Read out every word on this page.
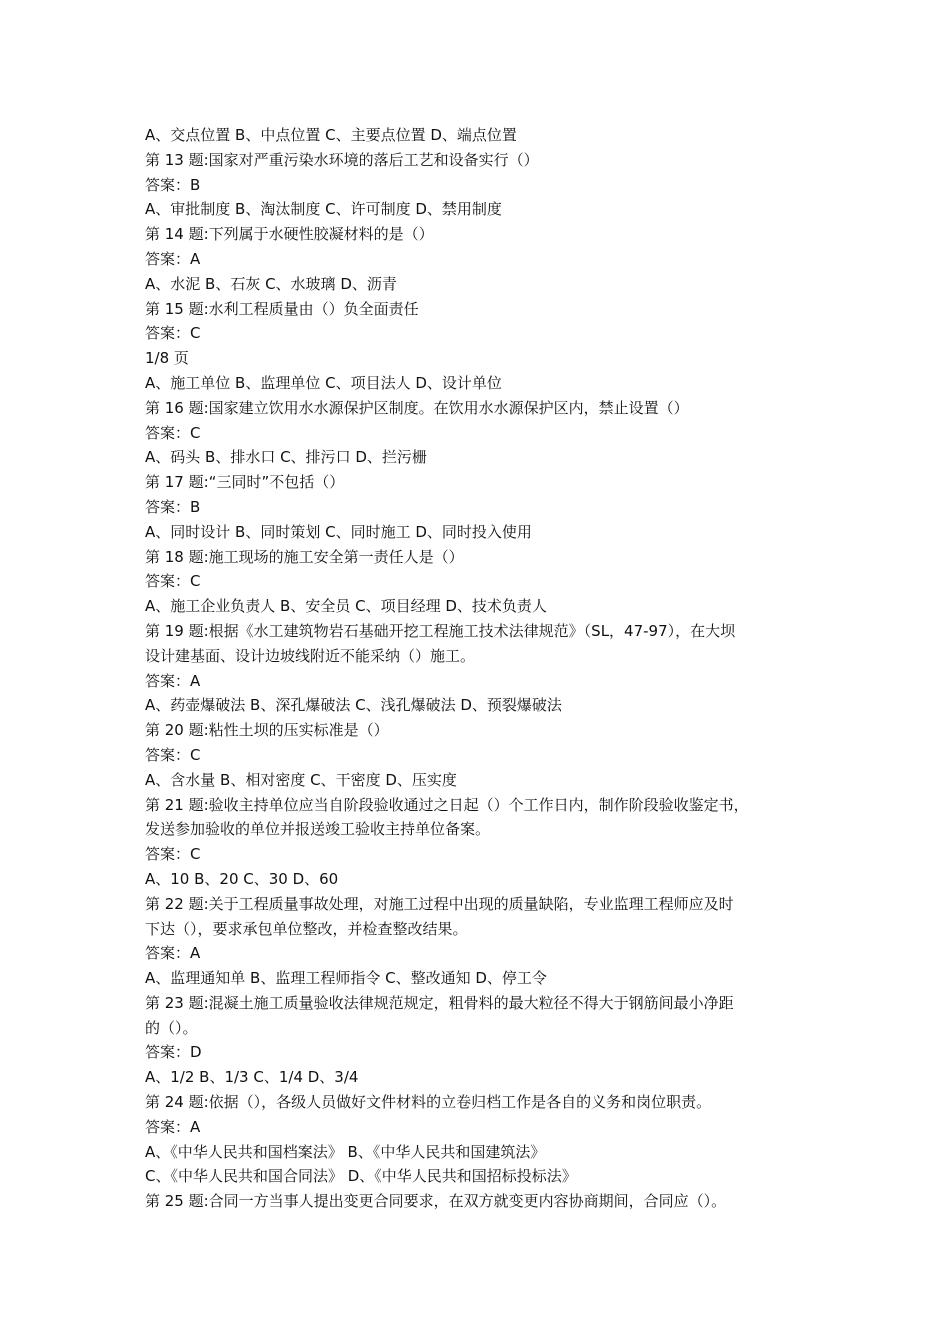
A、交点位置 B、中点位置 C、主要点位置 D、端点位置

第 13 题:国家对严重污染水环境的落后工艺和设备实行（）

答案：B

A、审批制度 B、淘汰制度 C、许可制度 D、禁用制度

第 14 题:下列属于水硬性胶凝材料的是（）

答案：A

A、水泥 B、石灰 C、水玻璃 D、沥青

第 15 题:水利工程质量由（）负全面责任

答案：C

1/8 页

A、施工单位 B、监理单位 C、项目法人 D、设计单位

第 16 题:国家建立饮用水水源保护区制度。在饮用水水源保护区内，禁止设置（）

答案：C

A、码头 B、排水口 C、排污口 D、拦污栅

第 17 题:“三同时”不包括（）

答案：B

A、同时设计 B、同时策划 C、同时施工 D、同时投入使用

第 18 题:施工现场的施工安全第一责任人是（）

答案：C

A、施工企业负责人 B、安全员 C、项目经理 D、技术负责人

第 19 题:根据《水工建筑物岩石基础开挖工程施工技术法律规范》（SL，47-97），在大坝

设计建基面、设计边坡线附近不能采纳（）施工。

答案：A

A、药壶爆破法 B、深孔爆破法 C、浅孔爆破法 D、预裂爆破法

第 20 题:粘性土坝的压实标准是（）

答案：C

A、含水量 B、相对密度 C、干密度 D、压实度

第 21 题:验收主持单位应当自阶段验收通过之日起（）个工作日内，制作阶段验收鉴定书，

发送参加验收的单位并报送竣工验收主持单位备案。

答案：C

A、10 B、20 C、30 D、60

第 22 题:关于工程质量事故处理，对施工过程中出现的质量缺陷，专业监理工程师应及时

下达（），要求承包单位整改，并检查整改结果。

答案：A

A、监理通知单 B、监理工程师指令 C、整改通知 D、停工令

第 23 题:混凝土施工质量验收法律规范规定，粗骨料的最大粒径不得大于钢筋间最小净距

的（）。

答案：D

A、1/2 B、1/3 C、1/4 D、3/4

第 24 题:依据（），各级人员做好文件材料的立卷归档工作是各自的义务和岗位职责。

答案：A

A、《中华人民共和国档案法》 B、《中华人民共和国建筑法》

C、《中华人民共和国合同法》 D、《中华人民共和国招标投标法》

第 25 题:合同一方当事人提出变更合同要求，在双方就变更内容协商期间，合同应（）。
